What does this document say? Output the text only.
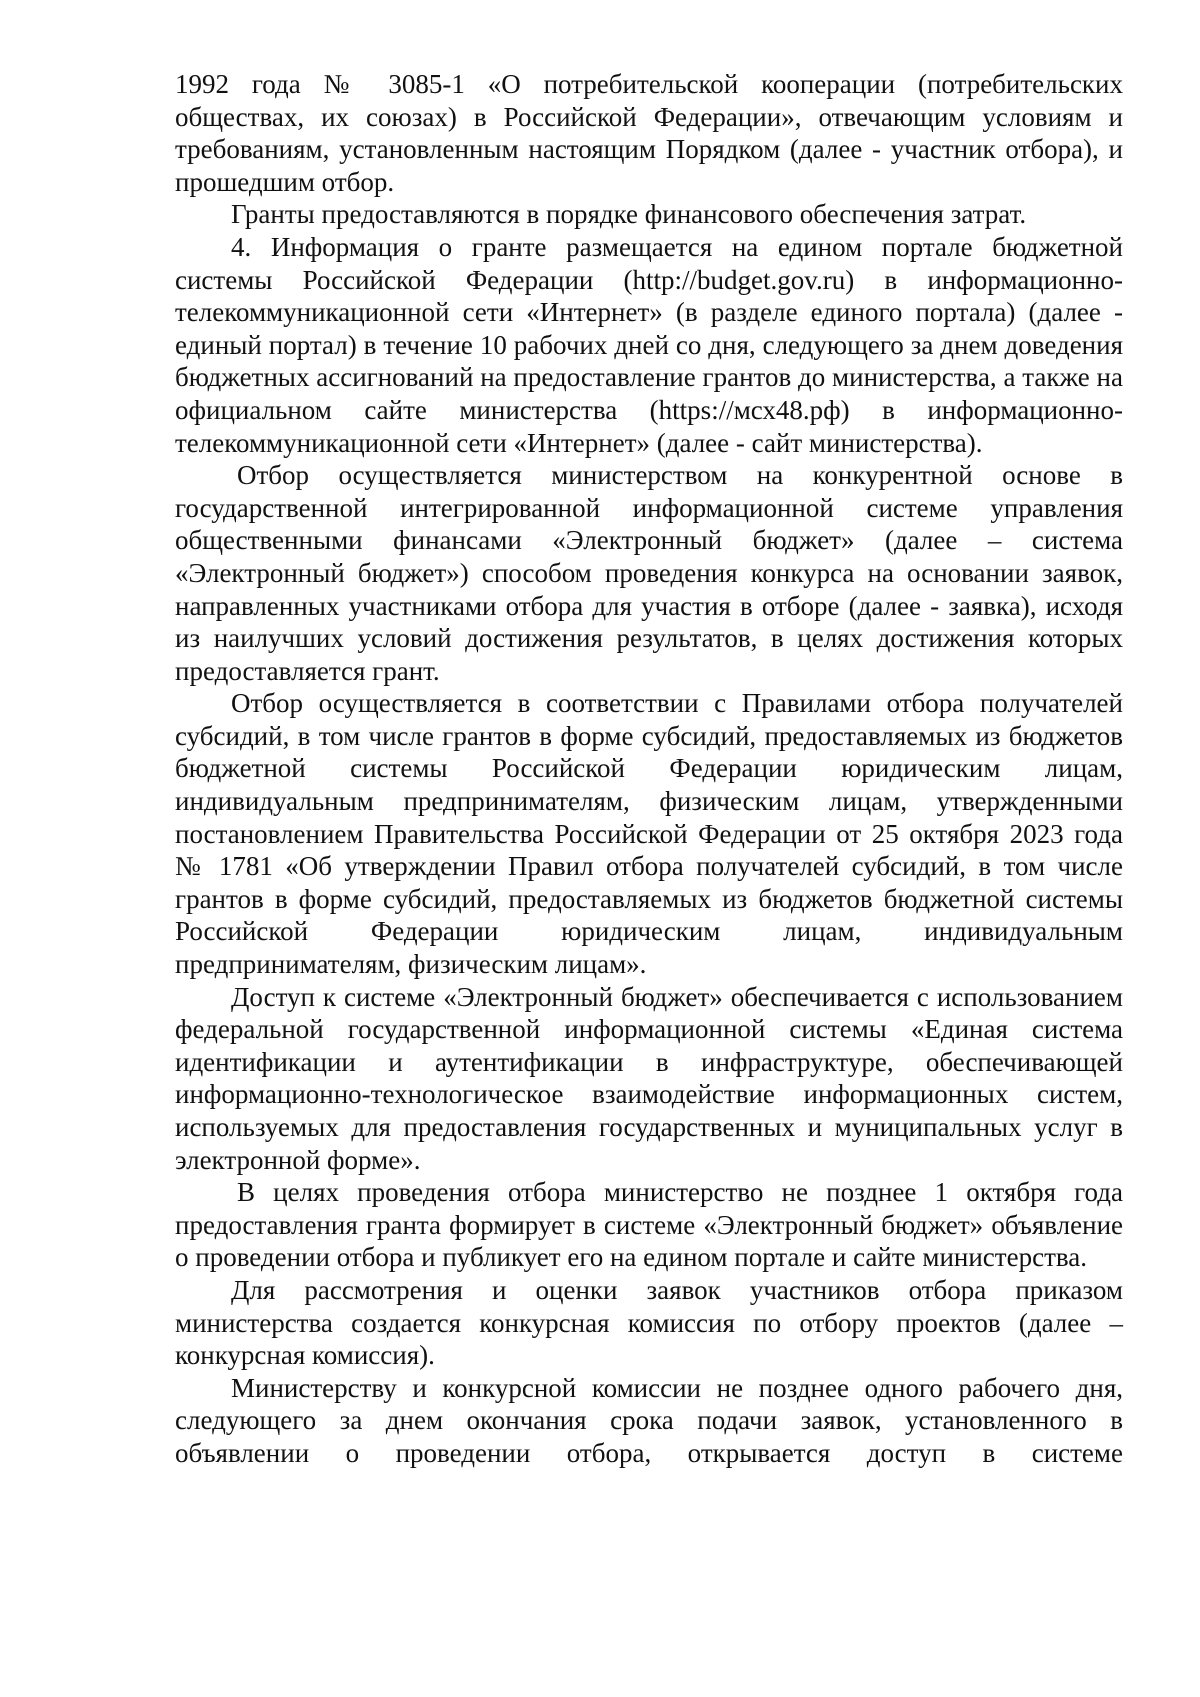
1992 года № 3085-1 «О потребительской кооперации (потребительских обществах, их союзах) в Российской Федерации», отвечающим условиям и требованиям, установленным настоящим Порядком (далее - участник отбора), и прошедшим отбор.

Гранты предоставляются в порядке финансового обеспечения затрат.

4. Информация о гранте размещается на едином портале бюджетной системы Российской Федерации (http://budget.gov.ru) в информационно-телекоммуникационной сети «Интернет» (в разделе единого портала) (далее - единый портал) в течение 10 рабочих дней со дня, следующего за днем доведения бюджетных ассигнований на предоставление грантов до министерства, а также на официальном сайте министерства (https://мсх48.рф) в информационно-телекоммуникационной сети «Интернет» (далее - сайт министерства).

Отбор осуществляется министерством на конкурентной основе в государственной интегрированной информационной системе управления общественными финансами «Электронный бюджет» (далее – система «Электронный бюджет») способом проведения конкурса на основании заявок, направленных участниками отбора для участия в отборе (далее - заявка), исходя из наилучших условий достижения результатов, в целях достижения которых предоставляется грант.

Отбор осуществляется в соответствии с Правилами отбора получателей субсидий, в том числе грантов в форме субсидий, предоставляемых из бюджетов бюджетной системы Российской Федерации юридическим лицам, индивидуальным предпринимателям, физическим лицам, утвержденными постановлением Правительства Российской Федерации от 25 октября 2023 года № 1781 «Об утверждении Правил отбора получателей субсидий, в том числе грантов в форме субсидий, предоставляемых из бюджетов бюджетной системы Российской Федерации юридическим лицам, индивидуальным предпринимателям, физическим лицам».

Доступ к системе «Электронный бюджет» обеспечивается с использованием федеральной государственной информационной системы «Единая система идентификации и аутентификации в инфраструктуре, обеспечивающей информационно-технологическое взаимодействие информационных систем, используемых для предоставления государственных и муниципальных услуг в электронной форме».

В целях проведения отбора министерство не позднее 1 октября года предоставления гранта формирует в системе «Электронный бюджет» объявление о проведении отбора и публикует его на едином портале и сайте министерства.

Для рассмотрения и оценки заявок участников отбора приказом министерства создается конкурсная комиссия по отбору проектов (далее – конкурсная комиссия).

Министерству и конкурсной комиссии не позднее одного рабочего дня, следующего за днем окончания срока подачи заявок, установленного в объявлении о проведении отбора, открывается доступ в системе
